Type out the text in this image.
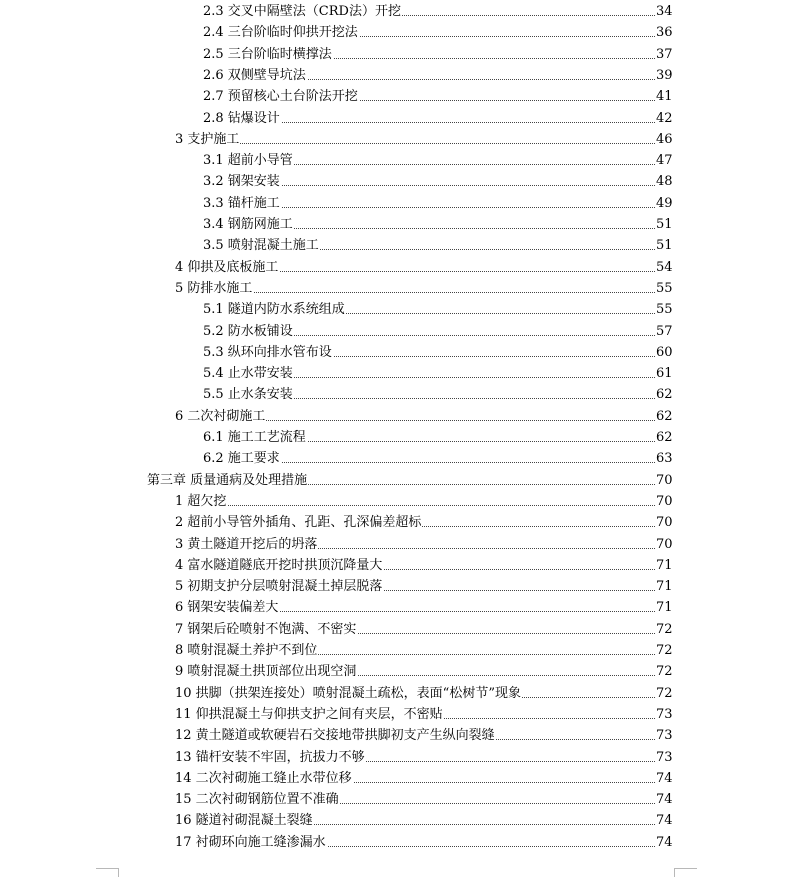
2.3 交叉中隔壁法（CRD法）开挖	34
2.4 三台阶临时仰拱开挖法	36
2.5 三台阶临时横撑法	37
2.6 双侧壁导坑法	39
2.7 预留核心土台阶法开挖	41
2.8 钻爆设计	42
3 支护施工	46
3.1 超前小导管	47
3.2 钢架安装	48
3.3 锚杆施工	49
3.4 钢筋网施工	51
3.5 喷射混凝土施工	51
4 仰拱及底板施工	54
5 防排水施工	55
5.1 隧道内防水系统组成	55
5.2 防水板铺设	57
5.3 纵环向排水管布设	60
5.4 止水带安装	61
5.5 止水条安装	62
6 二次衬砌施工	62
6.1 施工工艺流程	62
6.2 施工要求	63
第三章 质量通病及处理措施	70
1 超欠挖	70
2 超前小导管外插角、孔距、孔深偏差超标	70
3 黄土隧道开挖后的坍落	70
4 富水隧道隧底开挖时拱顶沉降量大	71
5 初期支护分层喷射混凝土掉层脱落	71
6 钢架安装偏差大	71
7 钢架后砼喷射不饱满、不密实	72
8 喷射混凝土养护不到位	72
9 喷射混凝土拱顶部位出现空洞	72
10 拱脚（拱架连接处）喷射混凝土疏松，表面“松树节”现象	72
11 仰拱混凝土与仰拱支护之间有夹层，不密贴	73
12 黄土隧道或软硬岩石交接地带拱脚初支产生纵向裂缝	73
13 锚杆安装不牢固，抗拔力不够	73
14 二次衬砌施工缝止水带位移	74
15 二次衬砌钢筋位置不准确	74
16 隧道衬砌混凝土裂缝	74
17 衬砌环向施工缝渗漏水	74
